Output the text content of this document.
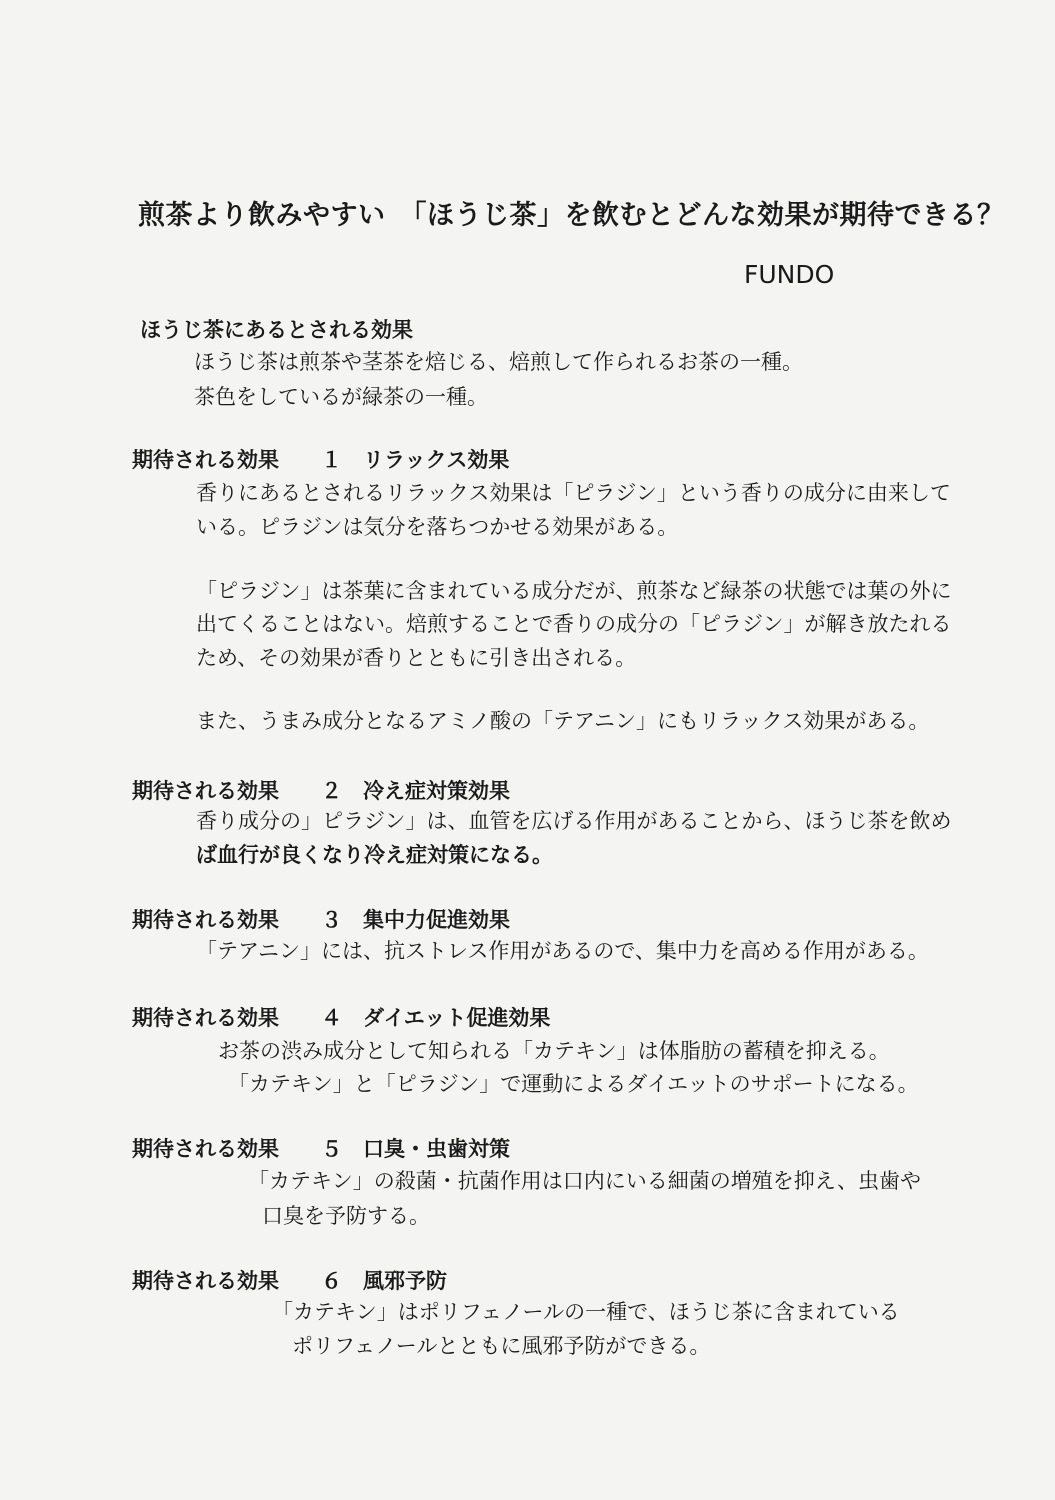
煎茶より飲みやすい　「ほうじ茶」を飲むとどんな効果が期待できる？
FUNDO
ほうじ茶にあるとされる効果
ほうじ茶は煎茶や茎茶を焙じる、焙煎して作られるお茶の一種。
茶色をしているが緑茶の一種。
期待される効果　　１　リラックス効果
香りにあるとされるリラックス効果は「ピラジン」という香りの成分に由来して
いる。ピラジンは気分を落ちつかせる効果がある。
「ピラジン」は茶葉に含まれている成分だが、煎茶など緑茶の状態では葉の外に
出てくることはない。焙煎することで香りの成分の「ピラジン」が解き放たれる
ため、その効果が香りとともに引き出される。
また、うまみ成分となるアミノ酸の「テアニン」にもリラックス効果がある。
期待される効果　　２　冷え症対策効果
香り成分の」ピラジン」は、血管を広げる作用があることから、ほうじ茶を飲め
ば血行が良くなり冷え症対策になる。
期待される効果　　３　集中力促進効果
「テアニン」には、抗ストレス作用があるので、集中力を高める作用がある。
期待される効果　　４　ダイエット促進効果
お茶の渋み成分として知られる「カテキン」は体脂肪の蓄積を抑える。
「カテキン」と「ピラジン」で運動によるダイエットのサポートになる。
期待される効果　　５　口臭・虫歯対策
「カテキン」の殺菌・抗菌作用は口内にいる細菌の増殖を抑え、虫歯や
口臭を予防する。
期待される効果　　６　風邪予防
「カテキン」はポリフェノールの一種で、ほうじ茶に含まれている
ポリフェノールとともに風邪予防ができる。
